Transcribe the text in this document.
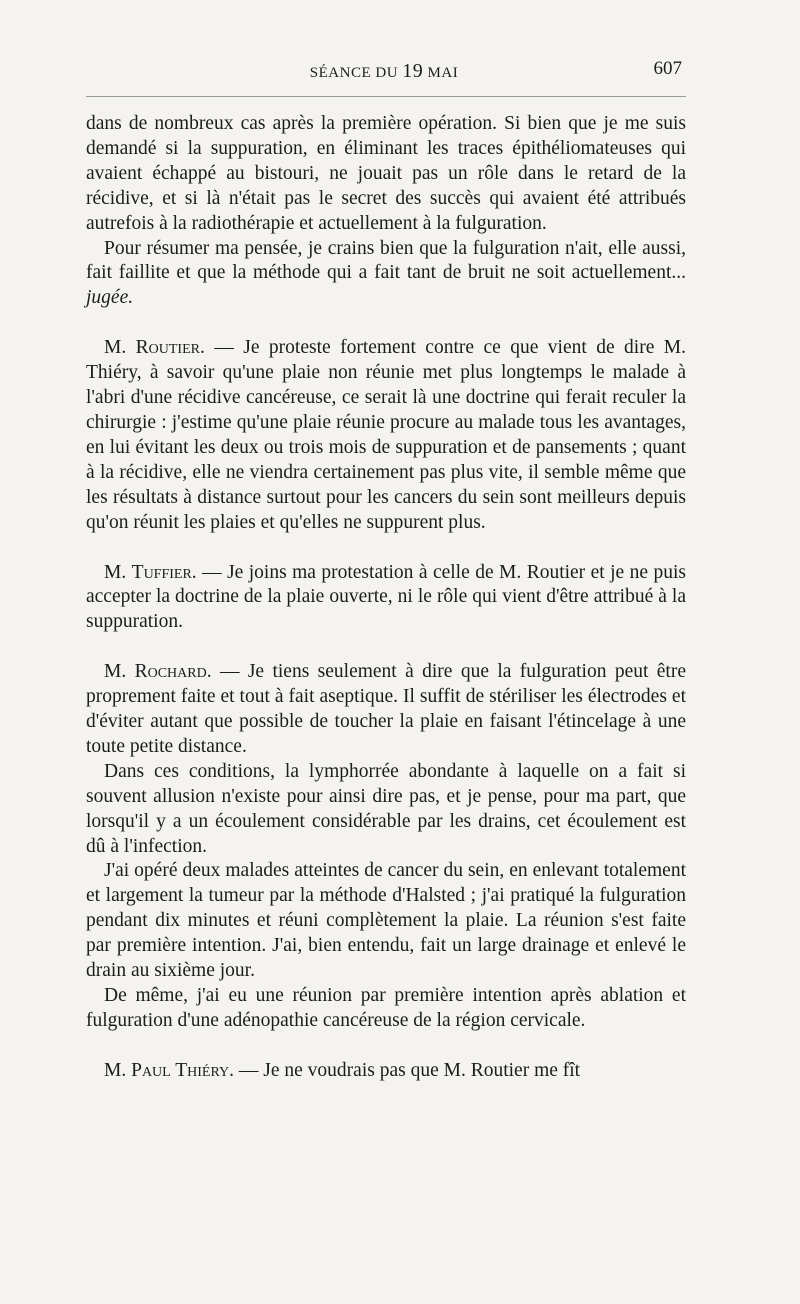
SÉANCE DU 19 MAI	607

dans de nombreux cas après la première opération. Si bien que je me suis demandé si la suppuration, en éliminant les traces épithéliomateuses qui avaient échappé au bistouri, ne jouait pas un rôle dans le retard de la récidive, et si là n'était pas le secret des succès qui avaient été attribués autrefois à la radiothérapie et actuellement à la fulguration.

Pour résumer ma pensée, je crains bien que la fulguration n'ait, elle aussi, fait faillite et que la méthode qui a fait tant de bruit ne soit actuellement... jugée.

M. Routier. — Je proteste fortement contre ce que vient de dire M. Thiéry, à savoir qu'une plaie non réunie met plus longtemps le malade à l'abri d'une récidive cancéreuse, ce serait là une doctrine qui ferait reculer la chirurgie : j'estime qu'une plaie réunie procure au malade tous les avantages, en lui évitant les deux ou trois mois de suppuration et de pansements ; quant à la récidive, elle ne viendra certainement pas plus vite, il semble même que les résultats à distance surtout pour les cancers du sein sont meilleurs depuis qu'on réunit les plaies et qu'elles ne suppurent plus.

M. Tuffier. — Je joins ma protestation à celle de M. Routier et je ne puis accepter la doctrine de la plaie ouverte, ni le rôle qui vient d'être attribué à la suppuration.

M. Rochard. — Je tiens seulement à dire que la fulguration peut être proprement faite et tout à fait aseptique. Il suffit de stériliser les électrodes et d'éviter autant que possible de toucher la plaie en faisant l'étincelage à une toute petite distance.

Dans ces conditions, la lymphorrée abondante à laquelle on a fait si souvent allusion n'existe pour ainsi dire pas, et je pense, pour ma part, que lorsqu'il y a un écoulement considérable par les drains, cet écoulement est dû à l'infection.

J'ai opéré deux malades atteintes de cancer du sein, en enlevant totalement et largement la tumeur par la méthode d'Halsted ; j'ai pratiqué la fulguration pendant dix minutes et réuni complètement la plaie. La réunion s'est faite par première intention. J'ai, bien entendu, fait un large drainage et enlevé le drain au sixième jour.

De même, j'ai eu une réunion par première intention après ablation et fulguration d'une adénopathie cancéreuse de la région cervicale.

M. Paul Thiéry. — Je ne voudrais pas que M. Routier me fît
